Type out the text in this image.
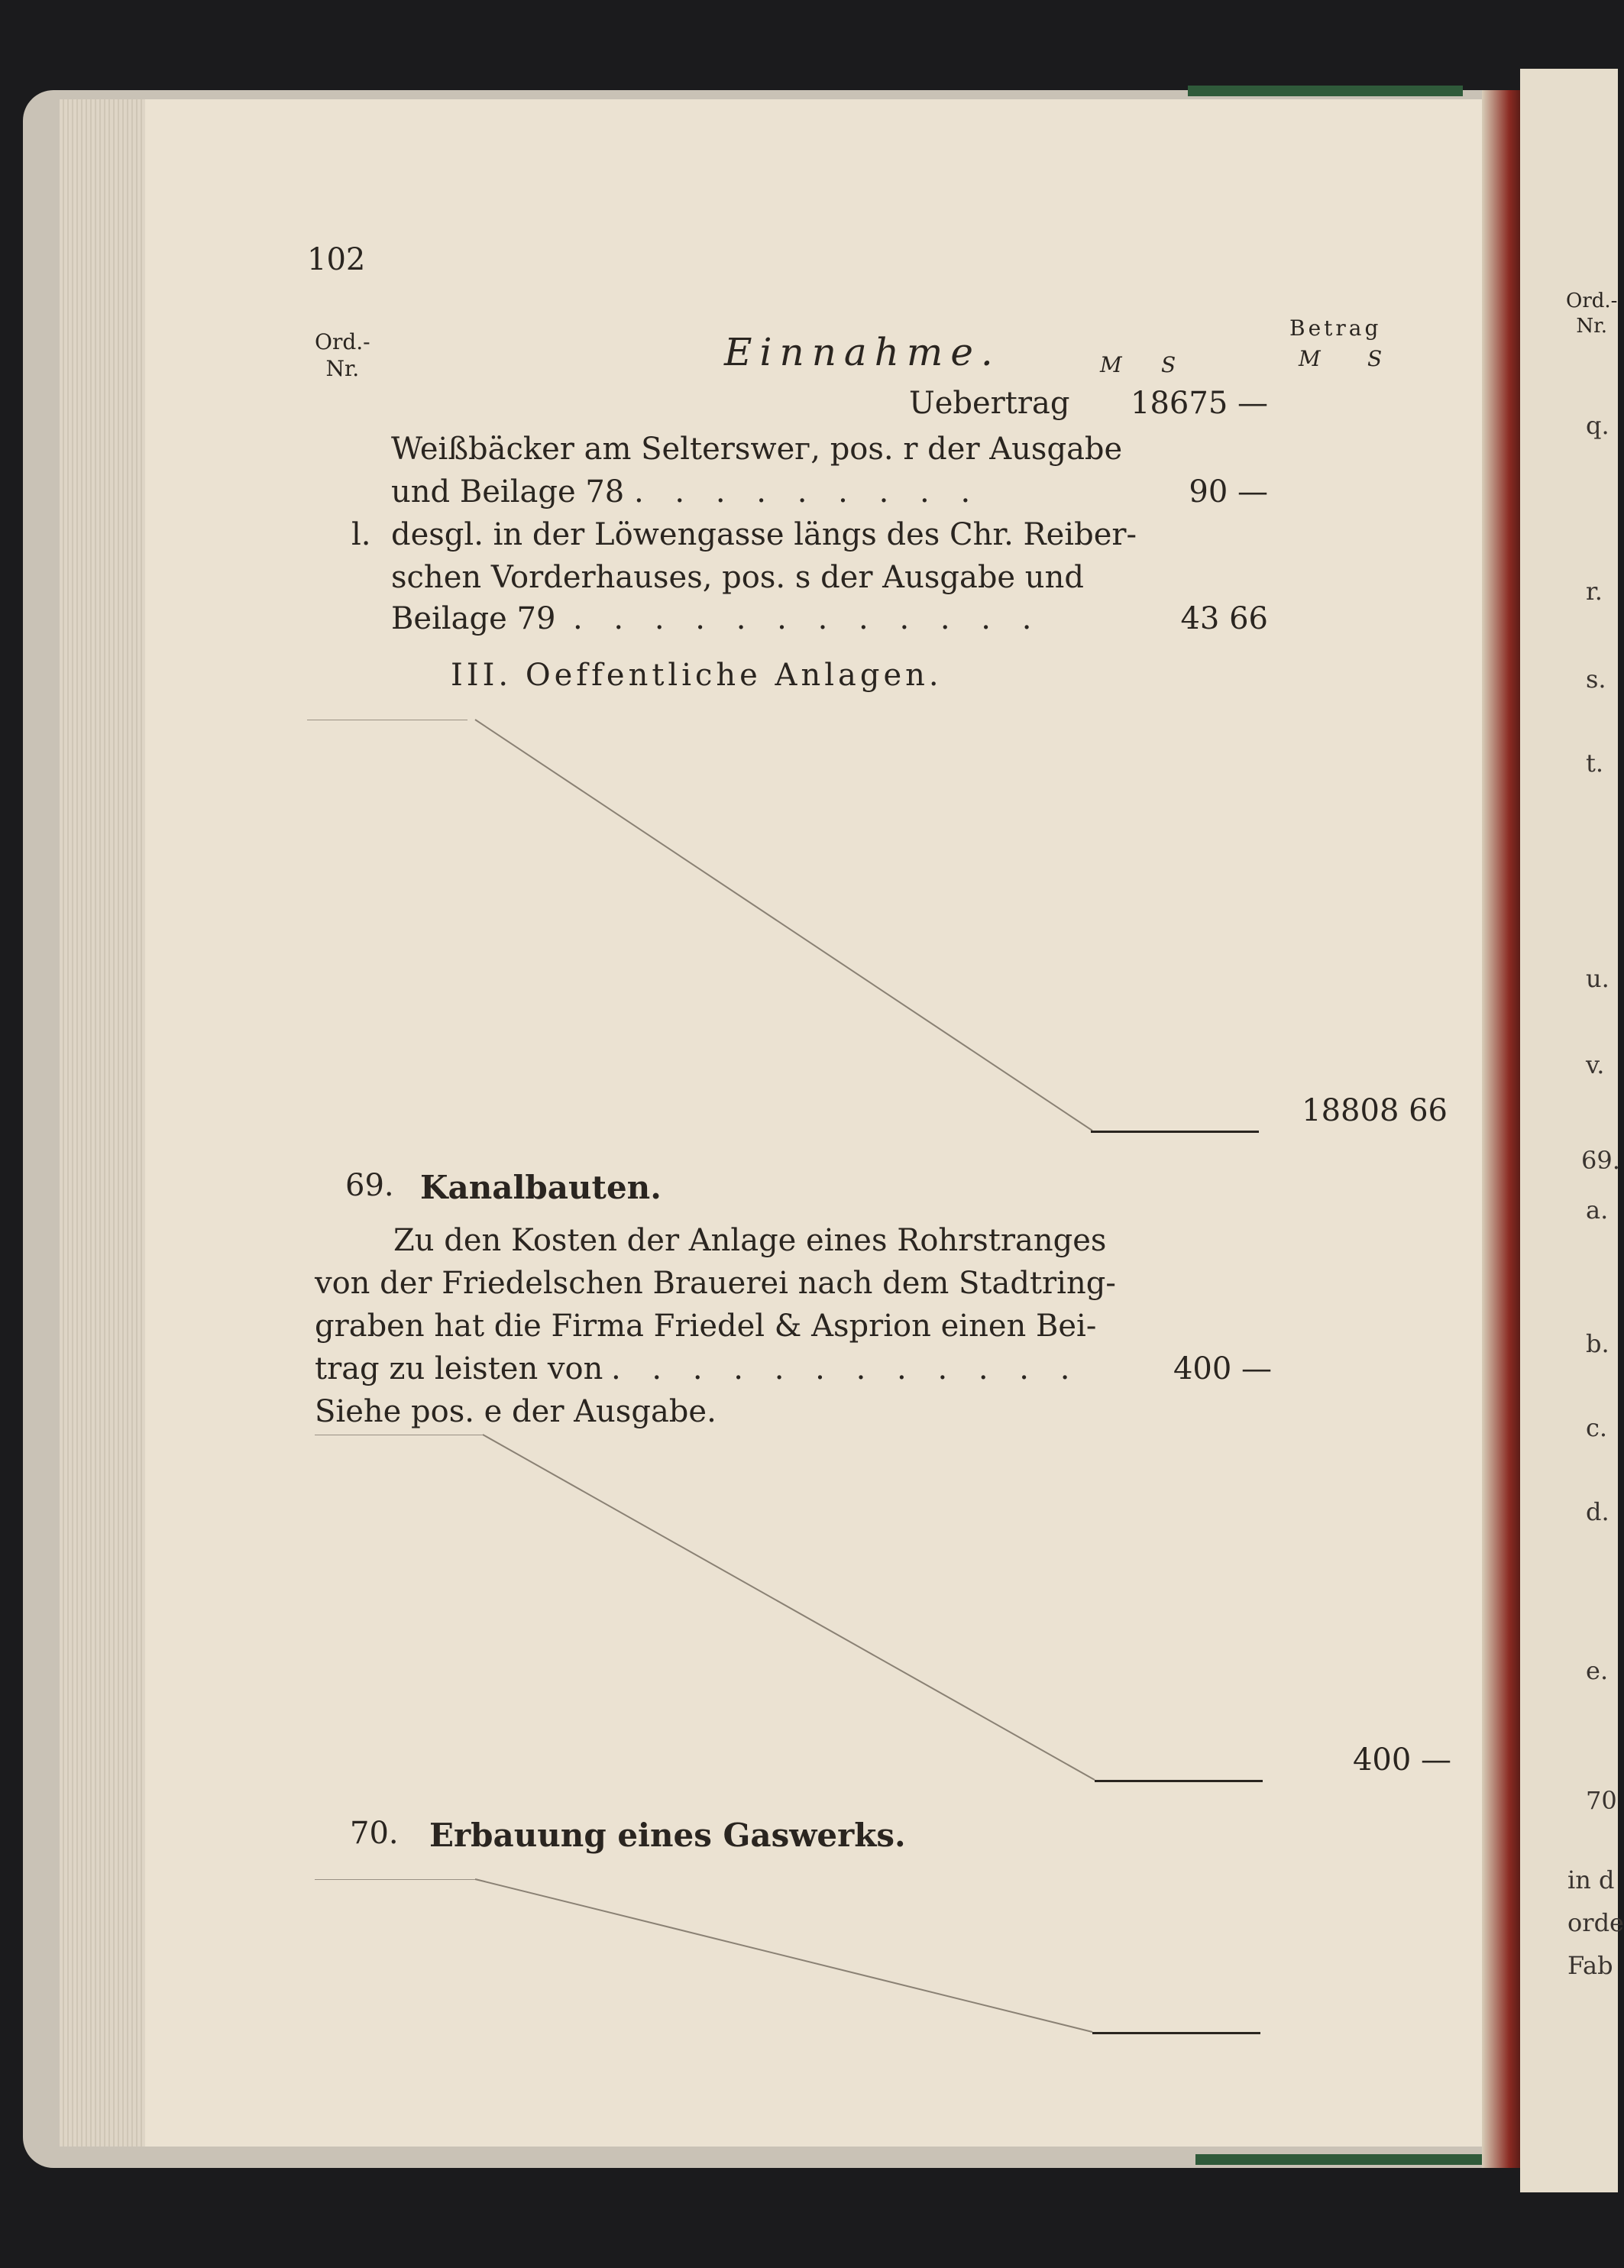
102
Ord.-
Nr.	Einnahme.	M S
Betrag
M S
Uebertrag	18675 —
Weißbäcker am Selterswег, pos. r der Ausgabe
und Beilage 78 . . . . . . . . .	90 —
l. desgl. in der Löwengasse längs des Chr. Reiber-
schen Vorderhauses, pos. s der Ausgabe und
Beilage 79 . . . . . . . . . . . .	43 66
III. Oeffentliche Anlagen.
18808 66
69. Kanalbauten.
Zu den Kosten der Anlage eines Rohrstranges
von der Friedelschen Brauerei nach dem Stadtring-
graben hat die Firma Friedel & Asprion einen Bei-
trag zu leisten von . . . . . . . . . . . .	400 —
Siehe pos. e der Ausgabe.
400 —
70. Erbauung eines Gaswerks.
Ord.-
Nr.
q.
r.
s.
t.
u.
v.
69.
a.
b.
c.
d.
e.
70
in d
orde
Fab
